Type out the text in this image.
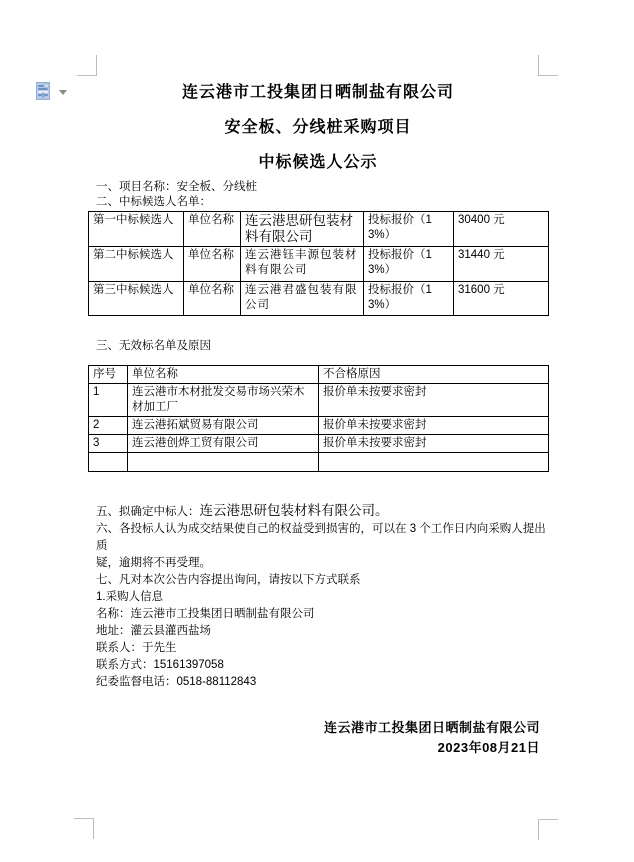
连云港市工投集团日晒制盐有限公司
安全板、分线桩采购项目
中标候选人公示

一、项目名称：安全板、分线桩

二、中标候选人名单：

第一中标候选人	单位名称	连云港思研包装材料有限公司	投标报价（13%）	30400 元
第二中标候选人	单位名称	连云港钰丰源包装材料有限公司	投标报价（13%）	31440 元
第三中标候选人	单位名称	连云港君盛包装有限公司	投标报价（13%）	31600 元

三、无效标名单及原因

序号	单位名称	不合格原因
1	连云港市木材批发交易市场兴荣木材加工厂	报价单未按要求密封
2	连云港拓斌贸易有限公司	报价单未按要求密封
3	连云港创烨工贸有限公司	报价单未按要求密封

五、拟确定中标人：连云港思研包装材料有限公司。
六、各投标人认为成交结果使自己的权益受到损害的，可以在 3 个工作日内向采购人提出质
疑，逾期将不再受理。
七、凡对本次公告内容提出询问，请按以下方式联系
1.采购人信息
名称：连云港市工投集团日晒制盐有限公司
地址：灌云县灌西盐场
联系人：于先生
联系方式：15161397058
纪委监督电话：0518-88112843
连云港市工投集团日晒制盐有限公司
2023年08月21日
